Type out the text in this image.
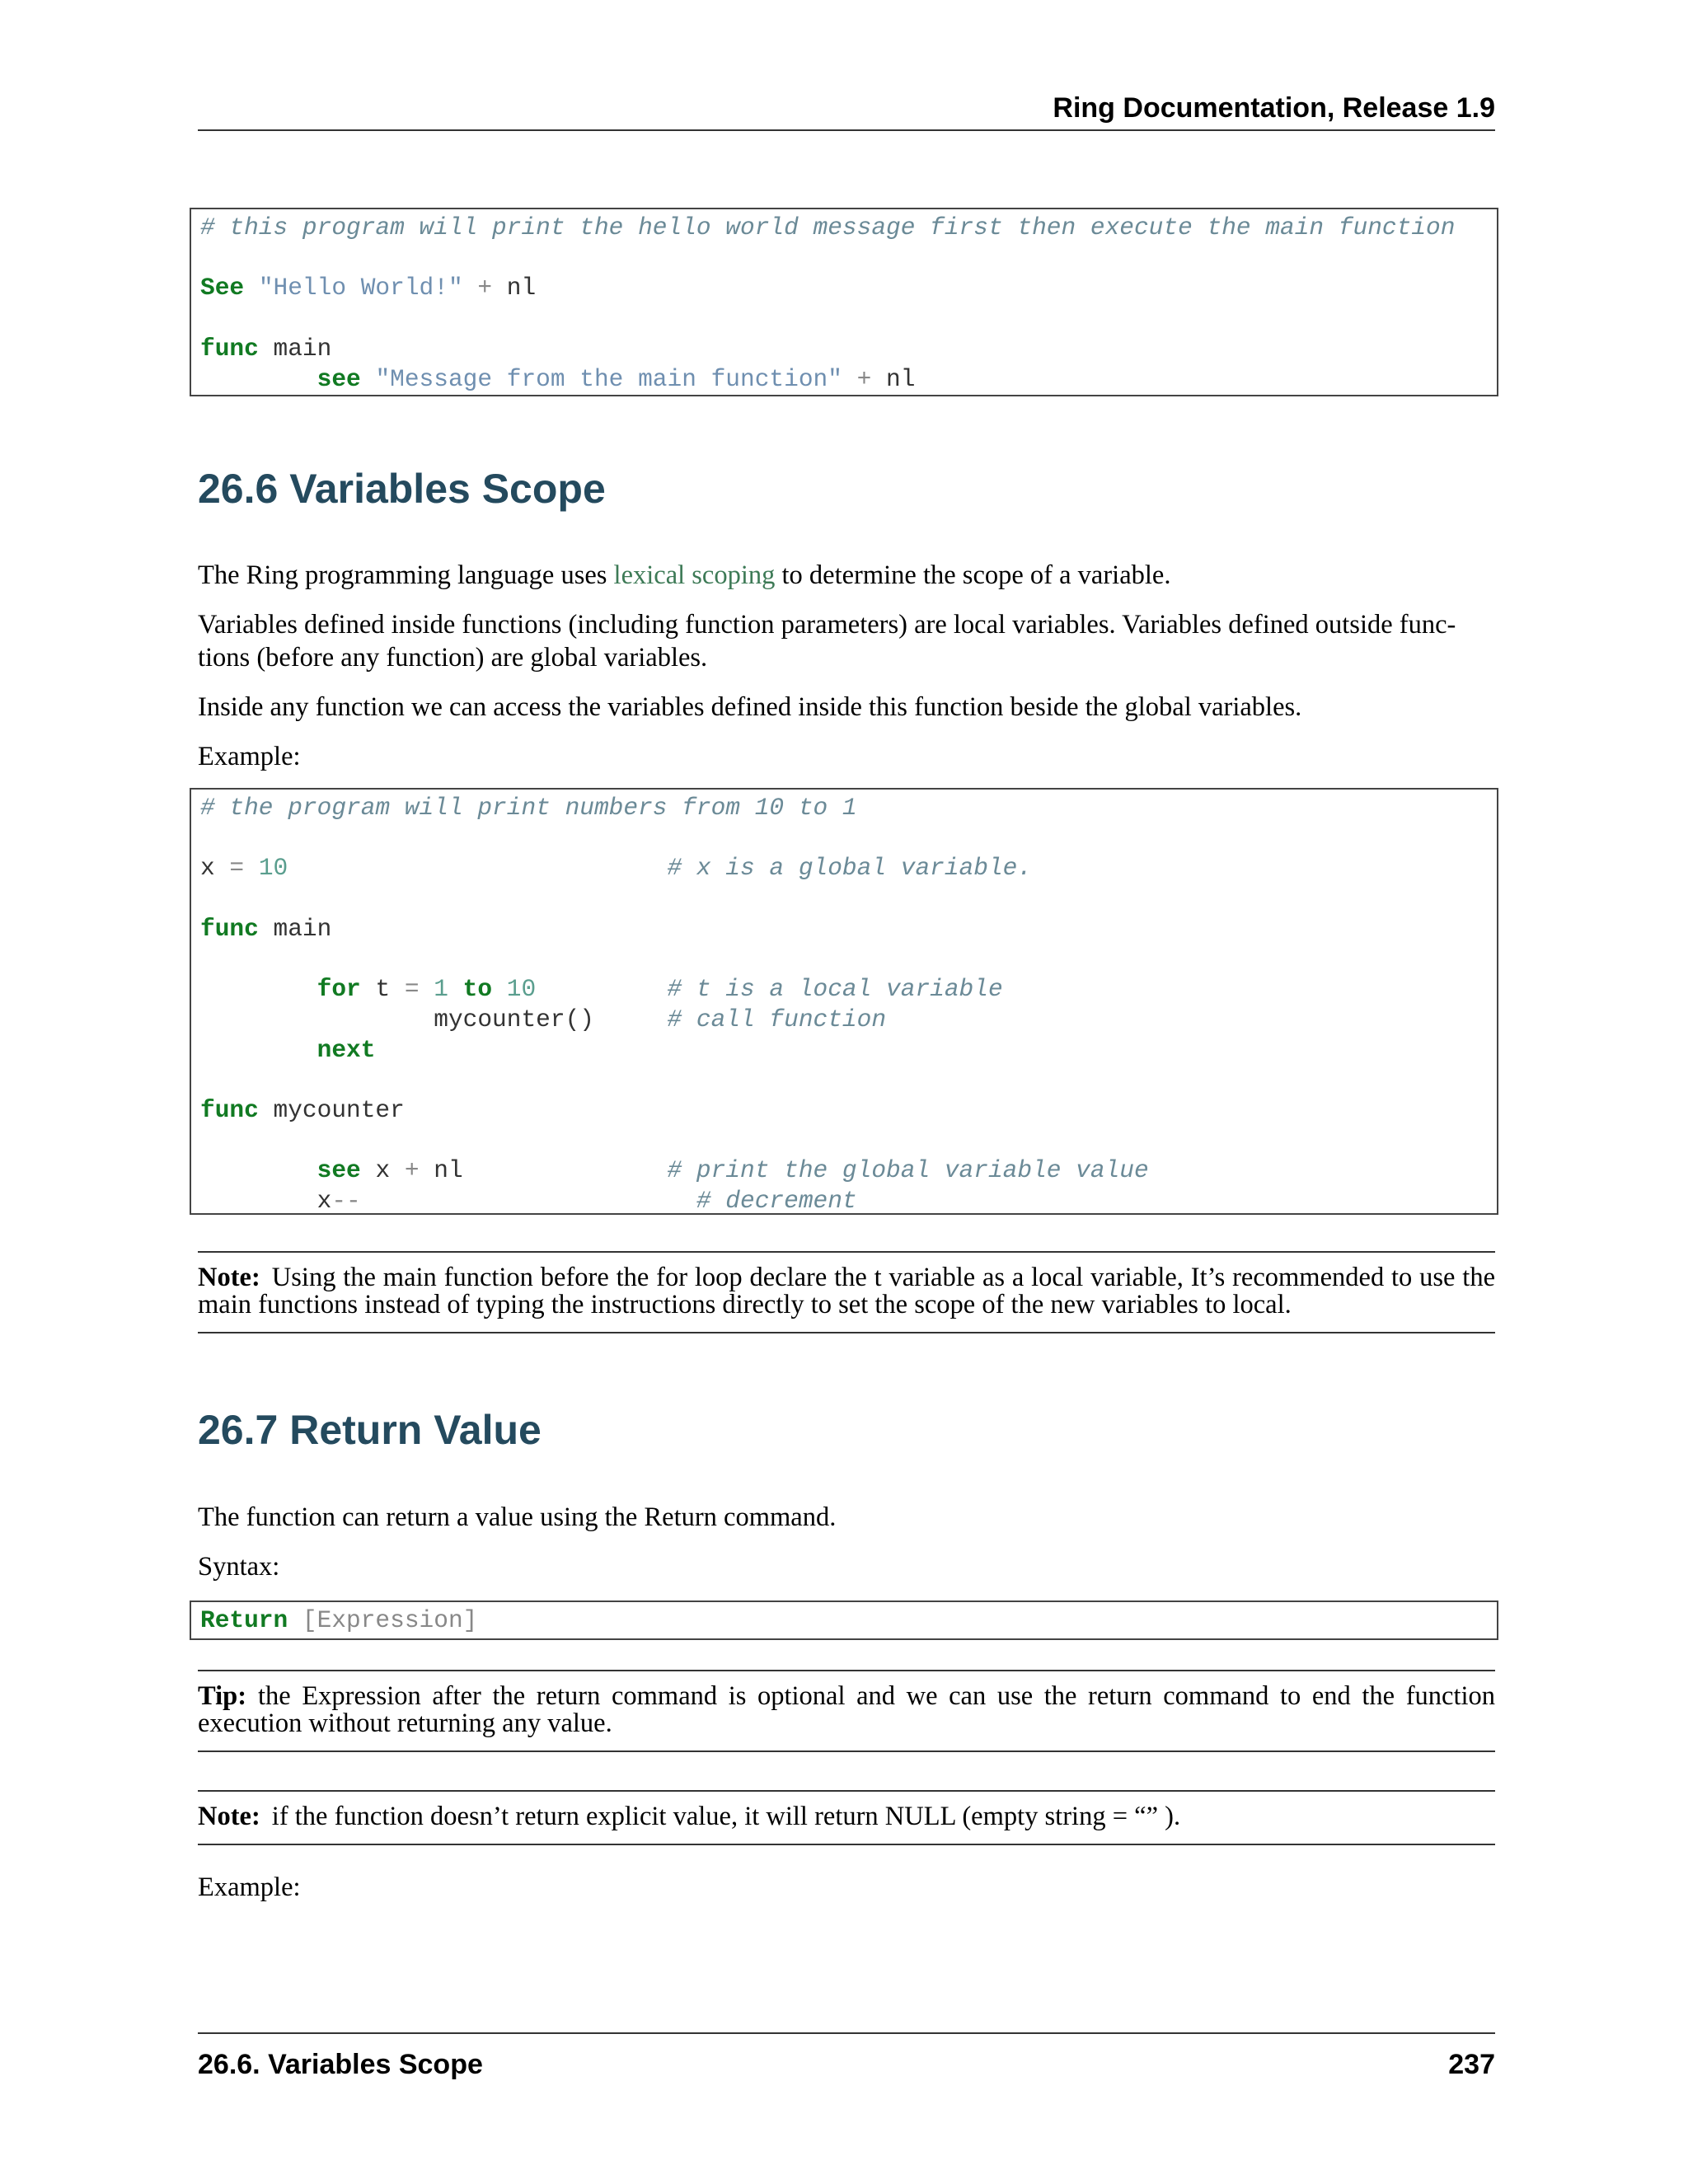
Ring Documentation, Release 1.9
# this program will print the hello world message first then execute the main function

See "Hello World!" + nl

func main
see "Message from the main function" + nl
26.6 Variables Scope
The Ring programming language uses lexical scoping to determine the scope of a variable.
Variables defined inside functions (including function parameters) are local variables. Variables defined outside func- tions (before any function) are global variables.
Inside any function we can access the variables defined inside this function beside the global variables.
Example:
# the program will print numbers from 10 to 1

x = 10	# x is a global variable.

func main

for t = 1 to 10	# t is a local variable
mycounter()	# call function
next

func mycounter

see x + nl	# print the global variable value
x--	# decrement
Note: Using the main function before the for loop declare the t variable as a local variable, It’s recommended to use the main functions instead of typing the instructions directly to set the scope of the new variables to local.
26.7 Return Value
The function can return a value using the Return command.
Syntax:
Return [Expression]
Tip: the Expression after the return command is optional and we can use the return command to end the function execution without returning any value.
Note: if the function doesn’t return explicit value, it will return NULL (empty string = “” ).
Example:
26.6. Variables Scope	237
